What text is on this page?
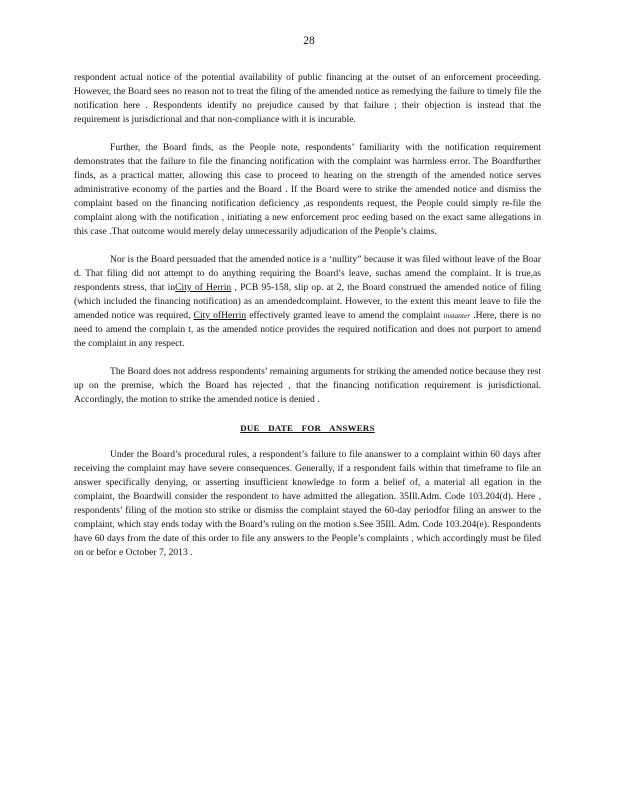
28

respondent actual notice of the potential availability of public financing at the outset of an enforcement proceeding. However, the Board sees no reason not to treat the filing of the amended notice as remedying the failure to timely file the notification here . Respondents identify no prejudice caused by that failure ; their objection is instead that the requirement is jurisdictional and that non-compliance with it is incurable.

Further, the Board finds, as the People note, respondents’ familiarity with the notification requirement demonstrates that the failure to file the financing notification with the complaint was harmless error. The Boardfurther finds, as a practical matter, allowing this case to proceed to hearing on the strength of the amended notice serves administrative economy of the parties and the Board . If the Board were to strike the amended notice and dismiss the complaint based on the financing notification deficiency ,as respondents request, the People could simply re-file the complaint along with the notification , initiating a new enforcement proc eeding based on the exact same allegations in this case .That outcome would merely delay unnecessarily adjudication of the People’s claims.

Nor is the Board persuaded that the amended notice is a ‘nullity” because it was filed without leave of the Boar d. That filing did not attempt to do anything requiring the Board’s leave, suchas amend the complaint. It is true,as respondents stress, that inCity of Herrin , PCB 95-158, slip op. at 2, the Board construed the amended notice of filing (which included the financing notification) as an amendedcomplaint. However, to the extent this meant leave to file the amended notice was required, City ofHerrin effectively granted leave to amend the complaint instanter .Here, there is no need to amend the complain t, as the amended notice provides the required notification and does not purport to amend the complaint in any respect.

The Board does not address respondents’ remaining arguments for striking the amended notice because they rest up on the premise, which the Board has rejected , that the financing notification requirement is jurisdictional. Accordingly, the motion to strike the amended notice is denied .

DUE DATE FOR ANSWERS

Under the Board’s procedural rules, a respondent’s failure to file ananswer to a complaint within 60 days after receiving the complaint may have severe consequences. Generally, if a respondent fails within that timeframe to file an answer specifically denying, or asserting insufficient knowledge to form a belief of, a material all egation in the complaint, the Boardwill consider the respondent to have admitted the allegation. 35Ill.Adm. Code 103.204(d). Here , respondents’ filing of the motion sto strike or dismiss the complaint stayed the 60-day periodfor filing an answer to the complaint, which stay ends today with the Board’s ruling on the motion s.See 35Ill. Adm. Code 103.204(e). Respondents have 60 days from the date of this order to file any answers to the People’s complaints , which accordingly must be filed on or befor e October 7, 2013 .
